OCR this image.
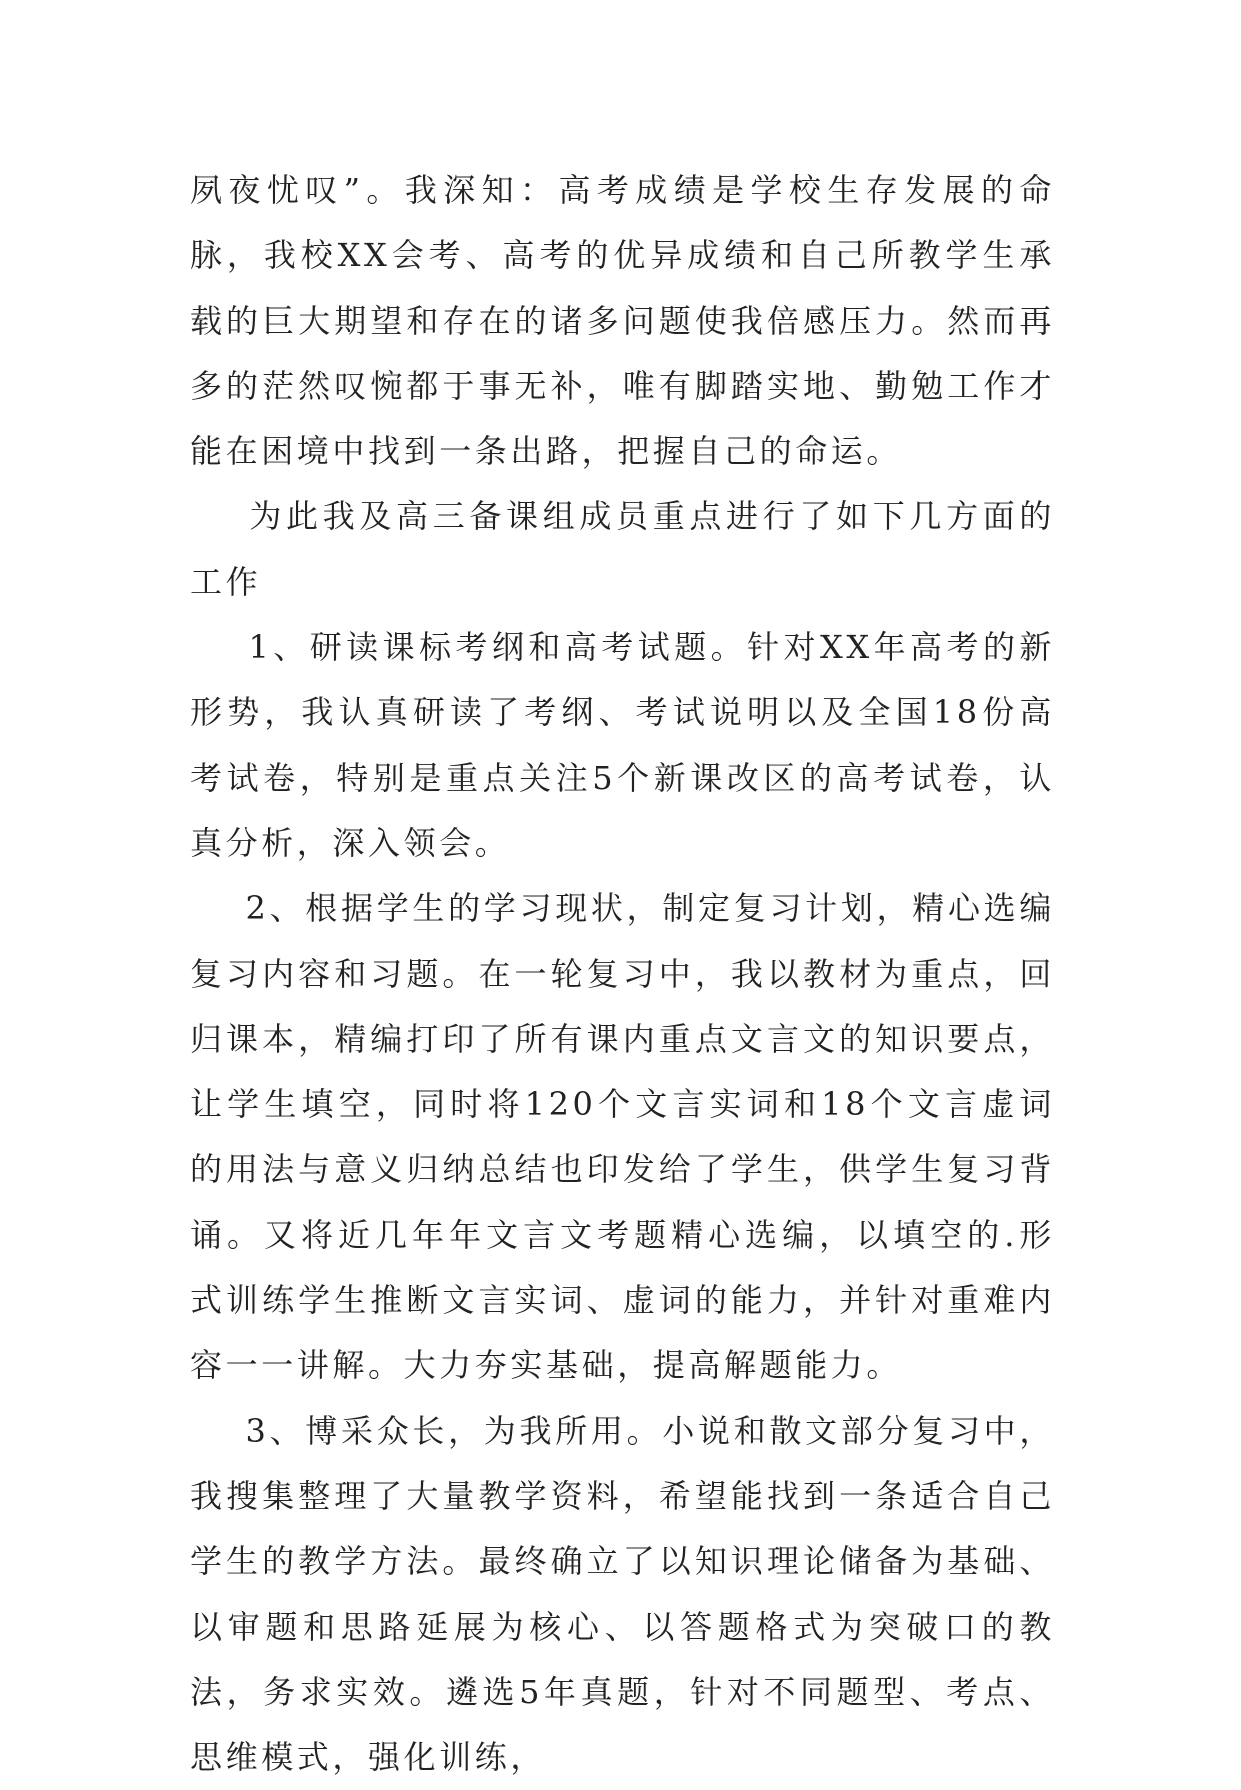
夙夜忧叹”。我深知：高考成绩是学校生存发展的命脉，我校XX会考、高考的优异成绩和自己所教学生承载的巨大期望和存在的诸多问题使我倍感压力。然而再多的茫然叹惋都于事无补，唯有脚踏实地、勤勉工作才能在困境中找到一条出路，把握自己的命运。

为此我及高三备课组成员重点进行了如下几方面的工作

1、研读课标考纲和高考试题。针对XX年高考的新形势，我认真研读了考纲、考试说明以及全国18份高考试卷，特别是重点关注5个新课改区的高考试卷，认真分析，深入领会。

2、根据学生的学习现状，制定复习计划，精心选编复习内容和习题。在一轮复习中，我以教材为重点，回归课本，精编打印了所有课内重点文言文的知识要点，让学生填空，同时将120个文言实词和18个文言虚词的用法与意义归纳总结也印发给了学生，供学生复习背诵。又将近几年年文言文考题精心选编，以填空的.形式训练学生推断文言实词、虚词的能力，并针对重难内容一一讲解。大力夯实基础，提高解题能力。

3、博采众长，为我所用。小说和散文部分复习中，我搜集整理了大量教学资料，希望能找到一条适合自己学生的教学方法。最终确立了以知识理论储备为基础、以审题和思路延展为核心、以答题格式为突破口的教法，务求实效。遴选5年真题，针对不同题型、考点、思维模式，强化训练，
